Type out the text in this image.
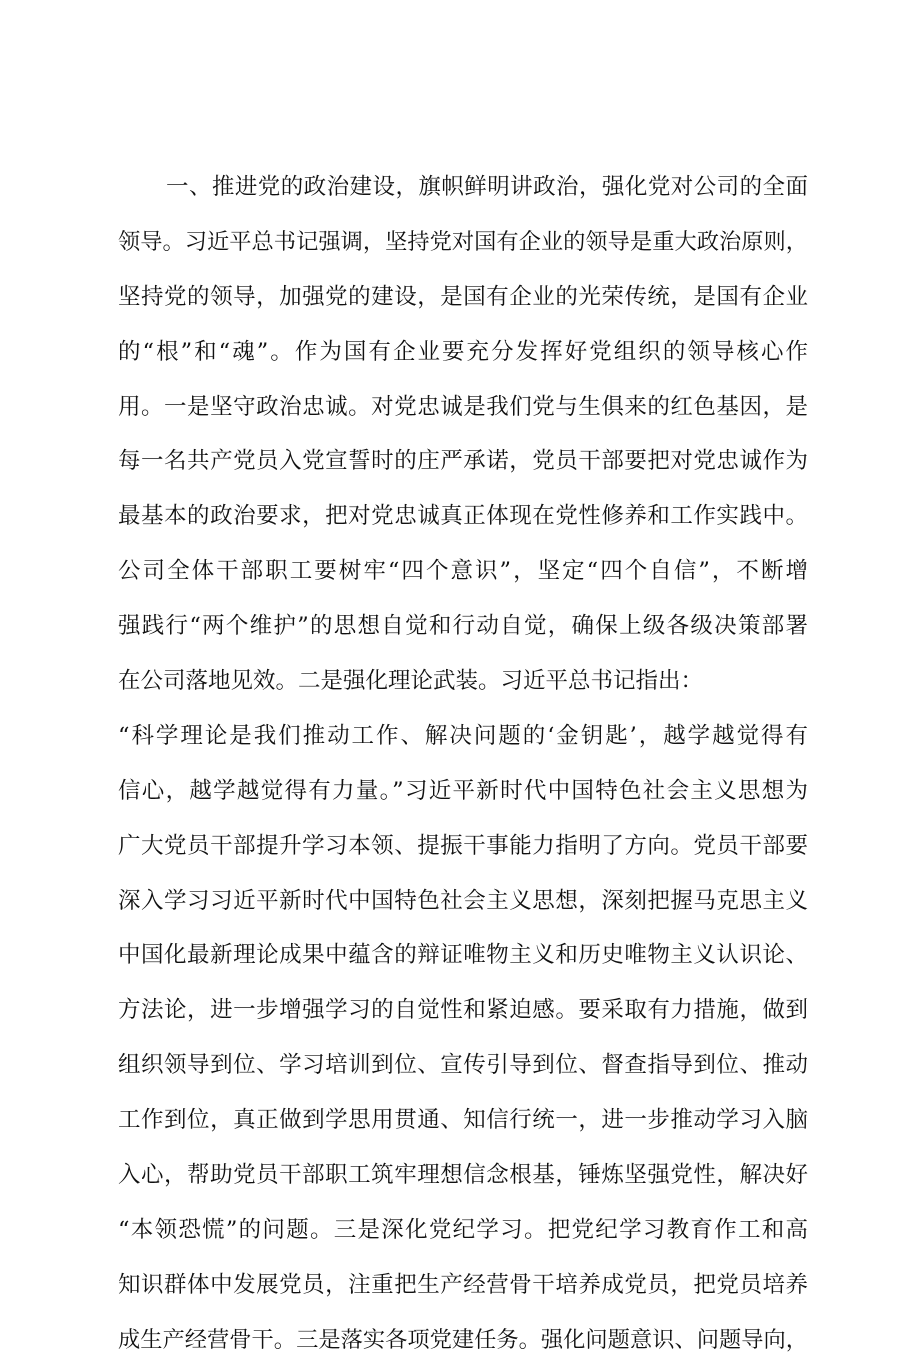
一、推进党的政治建设，旗帜鲜明讲政治，强化党对公司的全面
领导。习近平总书记强调，坚持党对国有企业的领导是重大政治原则，
坚持党的领导，加强党的建设，是国有企业的光荣传统，是国有企业
的“根”和“魂”。作为国有企业要充分发挥好党组织的领导核心作
用。一是坚守政治忠诚。对党忠诚是我们党与生俱来的红色基因，是
每一名共产党员入党宣誓时的庄严承诺，党员干部要把对党忠诚作为
最基本的政治要求，把对党忠诚真正体现在党性修养和工作实践中。
公司全体干部职工要树牢“四个意识”，坚定“四个自信”，不断增
强践行“两个维护”的思想自觉和行动自觉，确保上级各级决策部署
在公司落地见效。二是强化理论武装。习近平总书记指出：
“科学理论是我们推动工作、解决问题的‘金钥匙’，越学越觉得有
信心，越学越觉得有力量。”习近平新时代中国特色社会主义思想为
广大党员干部提升学习本领、提振干事能力指明了方向。党员干部要
深入学习习近平新时代中国特色社会主义思想，深刻把握马克思主义
中国化最新理论成果中蕴含的辩证唯物主义和历史唯物主义认识论、
方法论，进一步增强学习的自觉性和紧迫感。要采取有力措施，做到
组织领导到位、学习培训到位、宣传引导到位、督查指导到位、推动
工作到位，真正做到学思用贯通、知信行统一，进一步推动学习入脑
入心，帮助党员干部职工筑牢理想信念根基，锤炼坚强党性，解决好
“本领恐慌”的问题。三是深化党纪学习。把党纪学习教育作工和高
知识群体中发展党员，注重把生产经营骨干培养成党员，把党员培养
成生产经营骨干。三是落实各项党建任务。强化问题意识、问题导向，
